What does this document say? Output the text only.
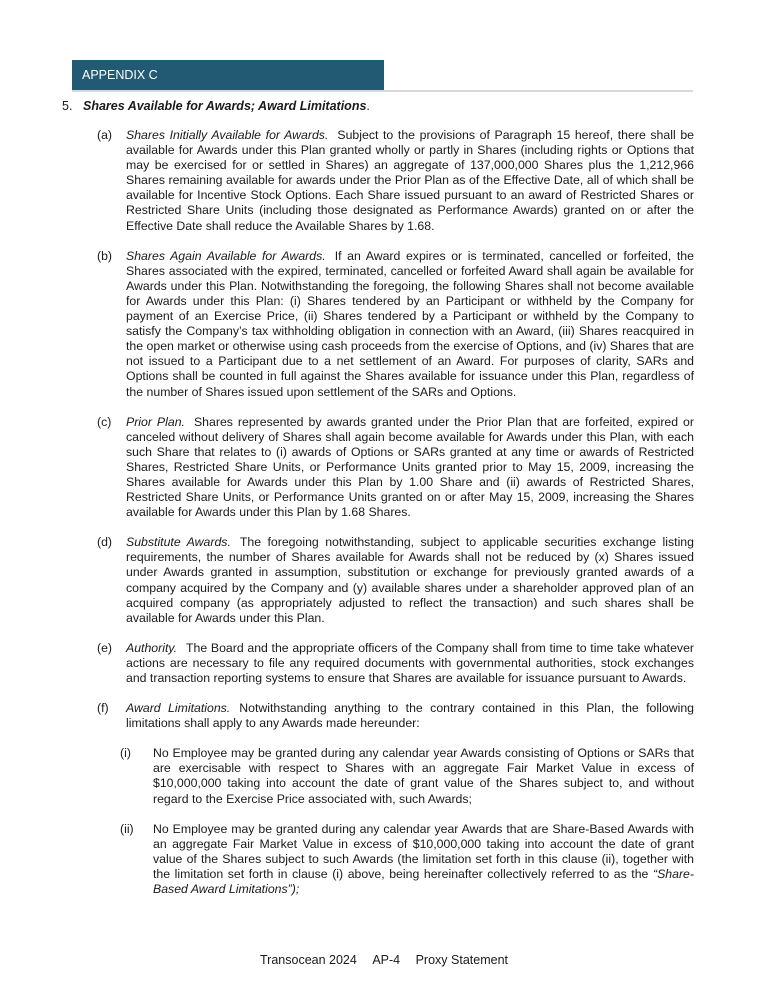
APPENDIX C
5. Shares Available for Awards; Award Limitations.
(a) Shares Initially Available for Awards. Subject to the provisions of Paragraph 15 hereof, there shall be available for Awards under this Plan granted wholly or partly in Shares (including rights or Options that may be exercised for or settled in Shares) an aggregate of 137,000,000 Shares plus the 1,212,966 Shares remaining available for awards under the Prior Plan as of the Effective Date, all of which shall be available for Incentive Stock Options. Each Share issued pursuant to an award of Restricted Shares or Restricted Share Units (including those designated as Performance Awards) granted on or after the Effective Date shall reduce the Available Shares by 1.68.
(b) Shares Again Available for Awards. If an Award expires or is terminated, cancelled or forfeited, the Shares associated with the expired, terminated, cancelled or forfeited Award shall again be available for Awards under this Plan. Notwithstanding the foregoing, the following Shares shall not become available for Awards under this Plan: (i) Shares tendered by an Participant or withheld by the Company for payment of an Exercise Price, (ii) Shares tendered by a Participant or withheld by the Company to satisfy the Company’s tax withholding obligation in connection with an Award, (iii) Shares reacquired in the open market or otherwise using cash proceeds from the exercise of Options, and (iv) Shares that are not issued to a Participant due to a net settlement of an Award. For purposes of clarity, SARs and Options shall be counted in full against the Shares available for issuance under this Plan, regardless of the number of Shares issued upon settlement of the SARs and Options.
(c) Prior Plan. Shares represented by awards granted under the Prior Plan that are forfeited, expired or canceled without delivery of Shares shall again become available for Awards under this Plan, with each such Share that relates to (i) awards of Options or SARs granted at any time or awards of Restricted Shares, Restricted Share Units, or Performance Units granted prior to May 15, 2009, increasing the Shares available for Awards under this Plan by 1.00 Share and (ii) awards of Restricted Shares, Restricted Share Units, or Performance Units granted on or after May 15, 2009, increasing the Shares available for Awards under this Plan by 1.68 Shares.
(d) Substitute Awards. The foregoing notwithstanding, subject to applicable securities exchange listing requirements, the number of Shares available for Awards shall not be reduced by (x) Shares issued under Awards granted in assumption, substitution or exchange for previously granted awards of a company acquired by the Company and (y) available shares under a shareholder approved plan of an acquired company (as appropriately adjusted to reflect the transaction) and such shares shall be available for Awards under this Plan.
(e) Authority. The Board and the appropriate officers of the Company shall from time to time take whatever actions are necessary to file any required documents with governmental authorities, stock exchanges and transaction reporting systems to ensure that Shares are available for issuance pursuant to Awards.
(f) Award Limitations. Notwithstanding anything to the contrary contained in this Plan, the following limitations shall apply to any Awards made hereunder:
(i) No Employee may be granted during any calendar year Awards consisting of Options or SARs that are exercisable with respect to Shares with an aggregate Fair Market Value in excess of $10,000,000 taking into account the date of grant value of the Shares subject to, and without regard to the Exercise Price associated with, such Awards;
(ii) No Employee may be granted during any calendar year Awards that are Share-Based Awards with an aggregate Fair Market Value in excess of $10,000,000 taking into account the date of grant value of the Shares subject to such Awards (the limitation set forth in this clause (ii), together with the limitation set forth in clause (i) above, being hereinafter collectively referred to as the “Share-Based Award Limitations”);
Transocean 2024 AP-4 Proxy Statement
